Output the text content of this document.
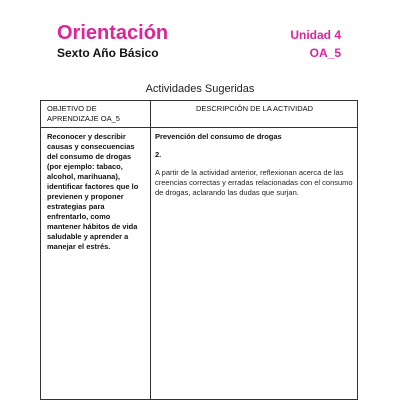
Orientación
Sexto Año Básico
Unidad 4
OA_5
Actividades Sugeridas
OBJETIVO DE APRENDIZAJE OA_5
DESCRIPCIÓN DE LA ACTIVIDAD
Reconocer y describir causas y consecuencias del consumo de drogas (por ejemplo: tabaco, alcohol, marihuana), identificar factores que lo previenen y proponer estrategias para enfrentarlo, como mantener hábitos de vida saludable y aprender a manejar el estrés.

Prevención del consumo de drogas

2.

A partir de la actividad anterior, reflexionan acerca de las creencias correctas y erradas relacionadas con el consumo de drogas, aclarando las dudas que surjan.
